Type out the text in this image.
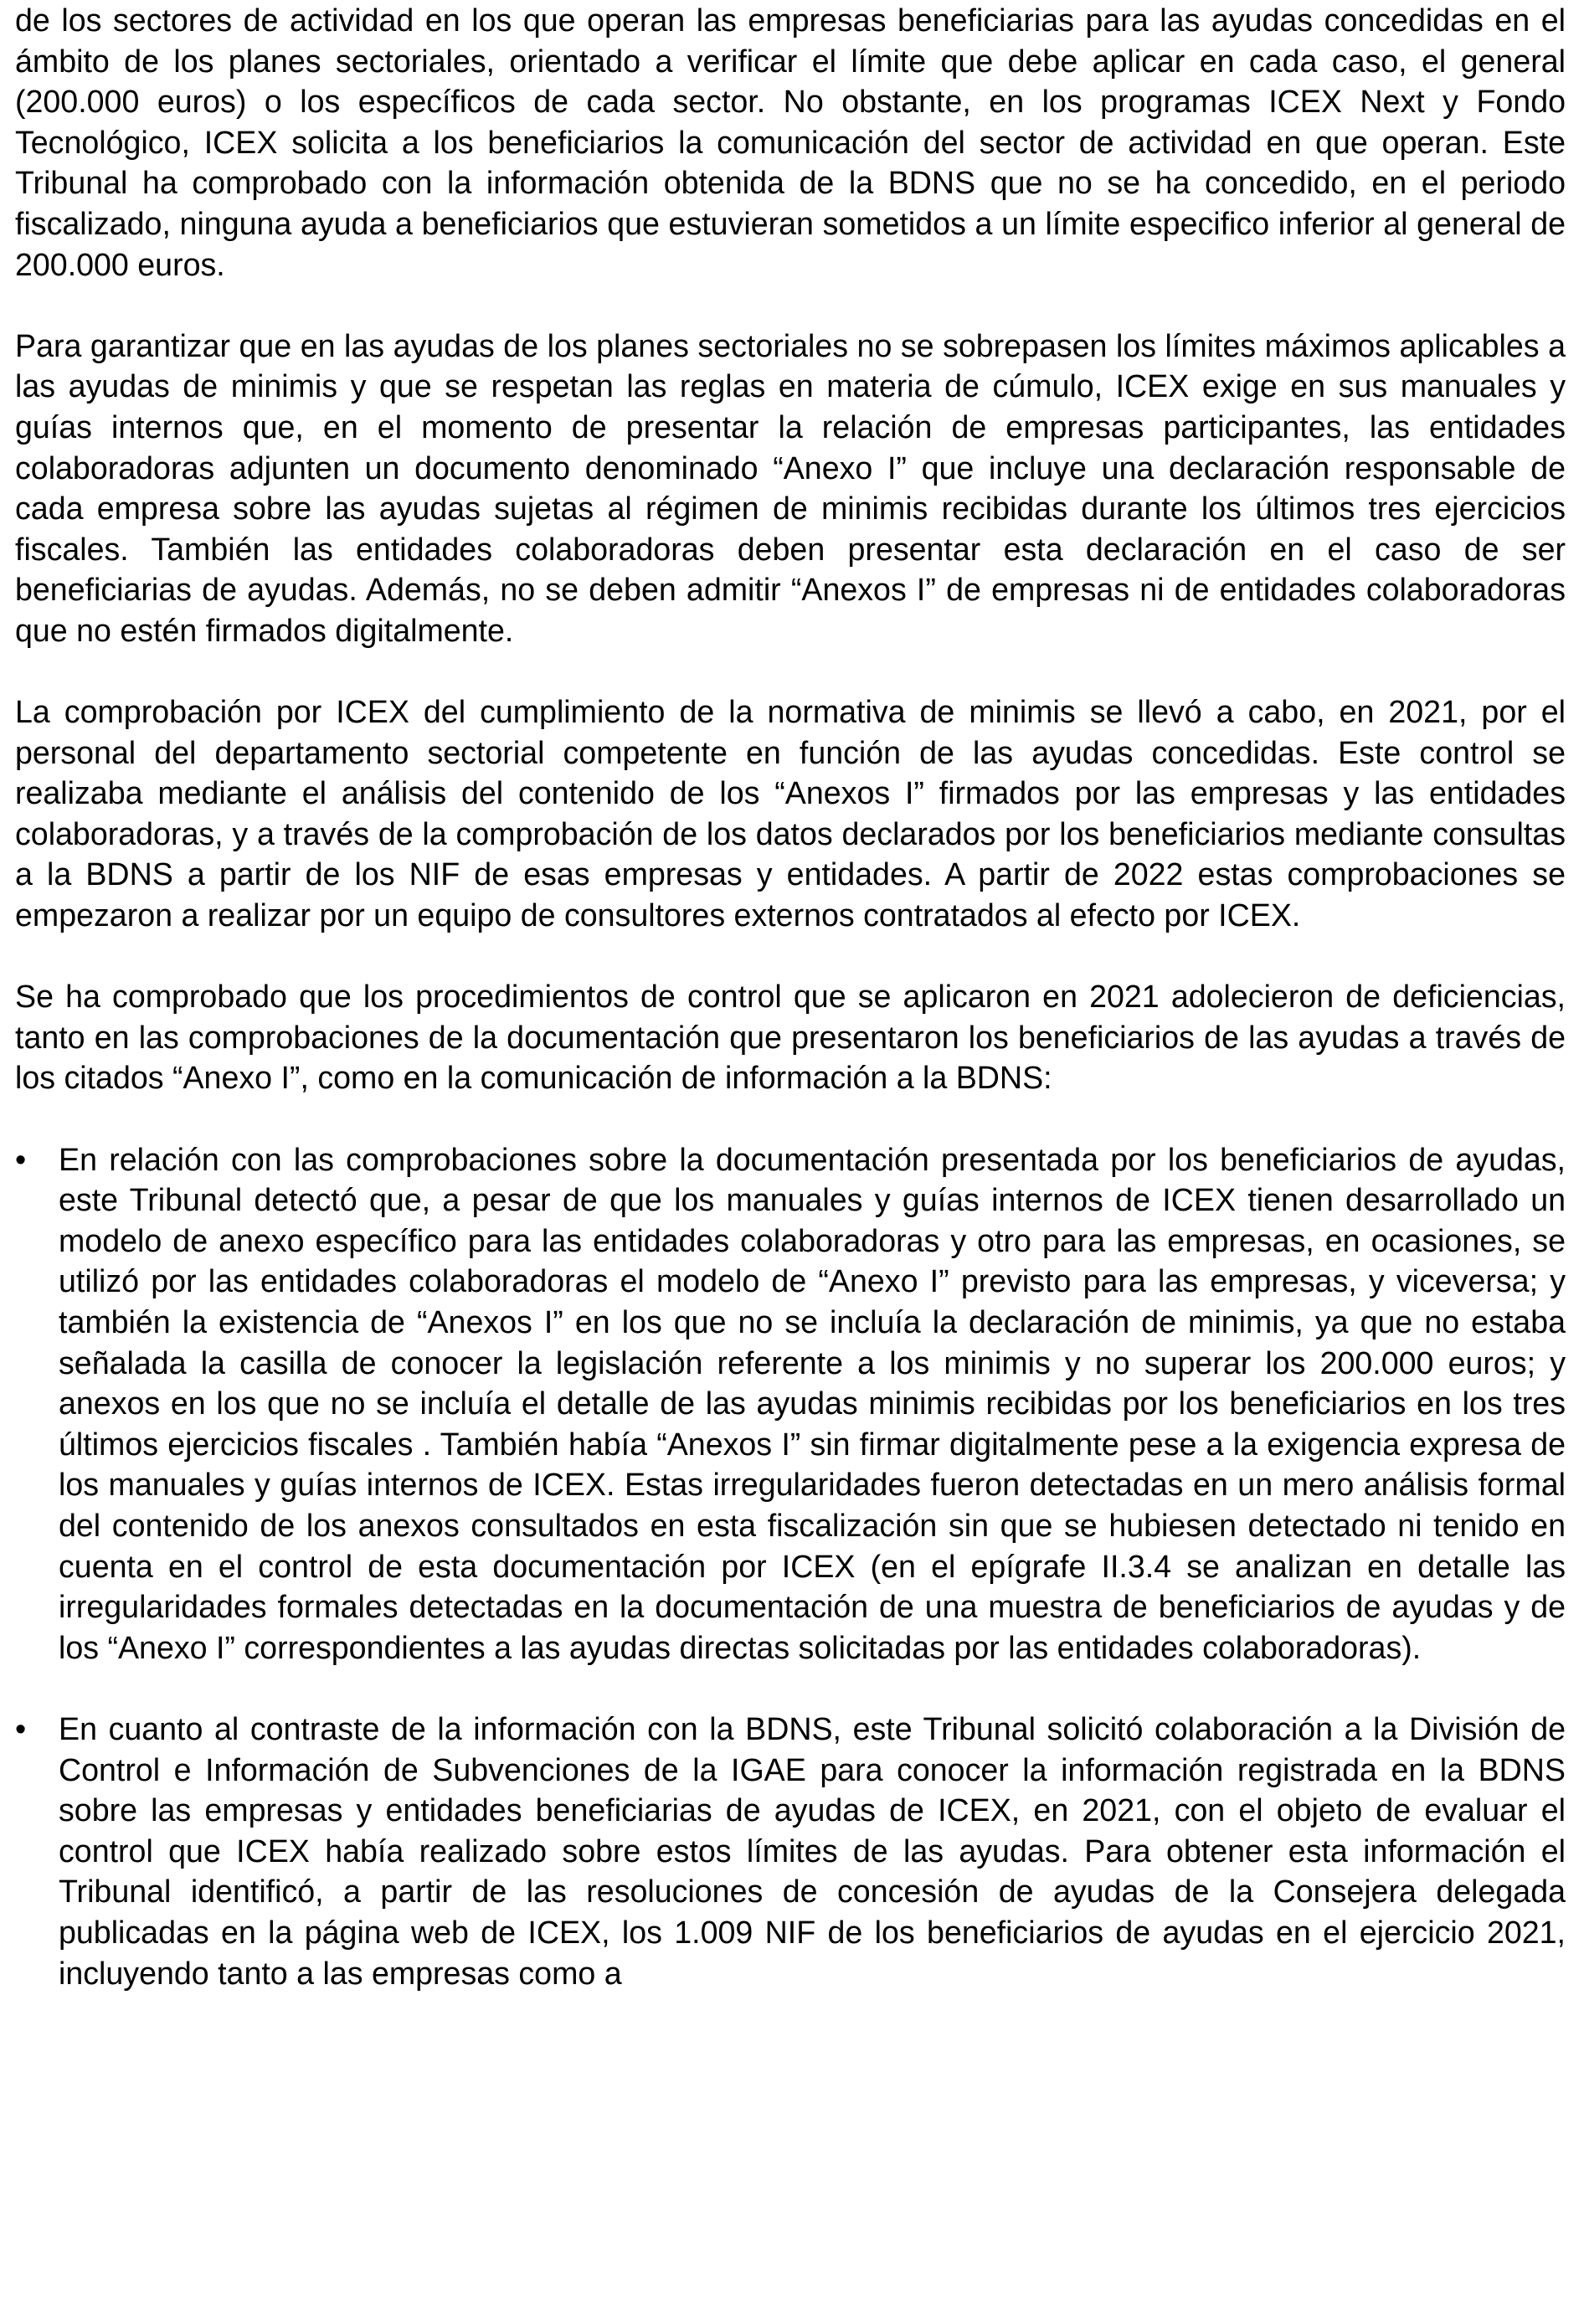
de los sectores de actividad en los que operan las empresas beneficiarias para las ayudas concedidas en el ámbito de los planes sectoriales, orientado a verificar el límite que debe aplicar en cada caso, el general (200.000 euros) o los específicos de cada sector. No obstante, en los programas ICEX Next y Fondo Tecnológico, ICEX solicita a los beneficiarios la comunicación del sector de actividad en que operan. Este Tribunal ha comprobado con la información obtenida de la BDNS que no se ha concedido, en el periodo fiscalizado, ninguna ayuda a beneficiarios que estuvieran sometidos a un límite especifico inferior al general de 200.000 euros.

Para garantizar que en las ayudas de los planes sectoriales no se sobrepasen los límites máximos aplicables a las ayudas de minimis y que se respetan las reglas en materia de cúmulo, ICEX exige en sus manuales y guías internos que, en el momento de presentar la relación de empresas participantes, las entidades colaboradoras adjunten un documento denominado “Anexo I” que incluye una declaración responsable de cada empresa sobre las ayudas sujetas al régimen de minimis recibidas durante los últimos tres ejercicios fiscales. También las entidades colaboradoras deben presentar esta declaración en el caso de ser beneficiarias de ayudas. Además, no se deben admitir “Anexos I” de empresas ni de entidades colaboradoras que no estén firmados digitalmente.

La comprobación por ICEX del cumplimiento de la normativa de minimis se llevó a cabo, en 2021, por el personal del departamento sectorial competente en función de las ayudas concedidas. Este control se realizaba mediante el análisis del contenido de los “Anexos I” firmados por las empresas y las entidades colaboradoras, y a través de la comprobación de los datos declarados por los beneficiarios mediante consultas a la BDNS a partir de los NIF de esas empresas y entidades. A partir de 2022 estas comprobaciones se empezaron a realizar por un equipo de consultores externos contratados al efecto por ICEX.

Se ha comprobado que los procedimientos de control que se aplicaron en 2021 adolecieron de deficiencias, tanto en las comprobaciones de la documentación que presentaron los beneficiarios de las ayudas a través de los citados “Anexo I”, como en la comunicación de información a la BDNS:

•	En relación con las comprobaciones sobre la documentación presentada por los beneficiarios de ayudas, este Tribunal detectó que, a pesar de que los manuales y guías internos de ICEX tienen desarrollado un modelo de anexo específico para las entidades colaboradoras y otro para las empresas, en ocasiones, se utilizó por las entidades colaboradoras el modelo de “Anexo I” previsto para las empresas, y viceversa; y también la existencia de “Anexos I” en los que no se incluía la declaración de minimis, ya que no estaba señalada la casilla de conocer la legislación referente a los minimis y no superar los 200.000 euros; y anexos en los que no se incluía el detalle de las ayudas minimis recibidas por los beneficiarios en los tres últimos ejercicios fiscales . También había “Anexos I” sin firmar digitalmente pese a la exigencia expresa de los manuales y guías internos de ICEX. Estas irregularidades fueron detectadas en un mero análisis formal del contenido de los anexos consultados en esta fiscalización sin que se hubiesen detectado ni tenido en cuenta en el control de esta documentación por ICEX (en el epígrafe II.3.4 se analizan en detalle las irregularidades formales detectadas en la documentación de una muestra de beneficiarios de ayudas y de los “Anexo I” correspondientes a las ayudas directas solicitadas por las entidades colaboradoras).
•	En cuanto al contraste de la información con la BDNS, este Tribunal solicitó colaboración a la División de Control e Información de Subvenciones de la IGAE para conocer la información registrada en la BDNS sobre las empresas y entidades beneficiarias de ayudas de ICEX, en 2021, con el objeto de evaluar el control que ICEX había realizado sobre estos límites de las ayudas. Para obtener esta información el Tribunal identificó, a partir de las resoluciones de concesión de ayudas de la Consejera delegada publicadas en la página web de ICEX, los 1.009 NIF de los beneficiarios de ayudas en el ejercicio 2021, incluyendo tanto a las empresas como a
